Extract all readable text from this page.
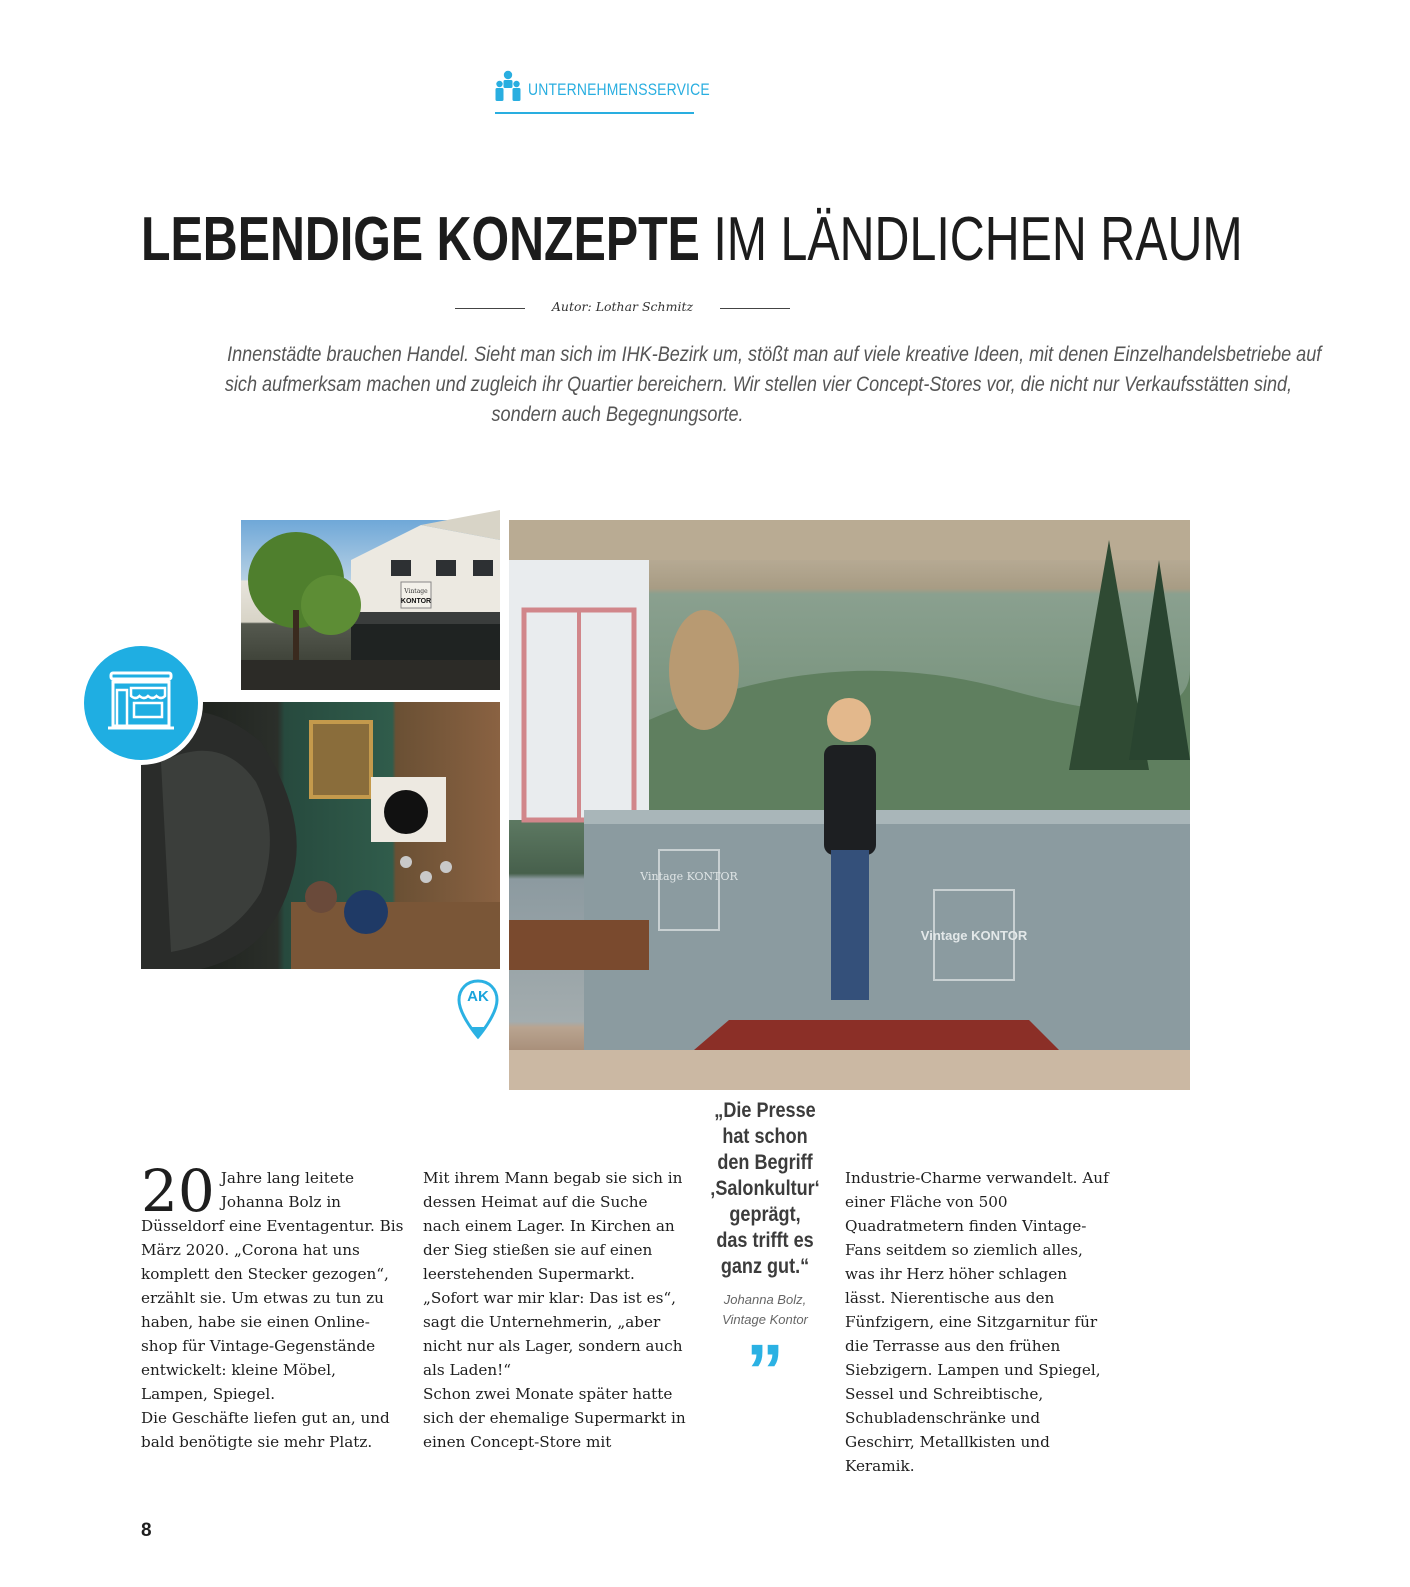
UNTERNEHMENSSERVICE
LEBENDIGE KONZEPTE IM LÄNDLICHEN RAUM
Autor: Lothar Schmitz
Innenstädte brauchen Handel. Sieht man sich im IHK-Bezirk um, stößt man auf viele kreative Ideen, mit denen Einzelhandelsbetriebe auf
sich aufmerksam machen und zugleich ihr Quartier bereichern. Wir stellen vier Concept-Stores vor, die nicht nur Verkaufsstätten sind,
sondern auch Begegnungsorte.
Vintage
KONTOR
Vintage KONTOR
Vintage KONTOR
AK
20 Jahre lang leitete Johanna Bolz in Düsseldorf eine Eventagentur. Bis März 2020. „Corona hat uns komplett den Stecker gezogen“, erzählt sie. Um etwas zu tun zu haben, habe sie einen Online-shop für Vintage-Gegenstände entwickelt: kleine Möbel, Lampen, Spiegel.

Die Geschäfte liefen gut an, und bald benötigte sie mehr Platz.

Mit ihrem Mann begab sie sich in dessen Heimat auf die Suche nach einem Lager. In Kirchen an der Sieg stießen sie auf einen leerstehenden Supermarkt. „Sofort war mir klar: Das ist es“, sagt die Unternehmerin, „aber nicht nur als Lager, sondern auch als Laden!“

Schon zwei Monate später hatte sich der ehemalige Supermarkt in einen Concept-Store mit

Industrie-Charme verwandelt. Auf einer Fläche von 500 Quadratmetern finden Vintage-Fans seitdem so ziemlich alles, was ihr Herz höher schlagen lässt. Nierentische aus den Fünfzigern, eine Sitzgarnitur für die Terrasse aus den frühen Siebzigern. Lampen und Spiegel, Sessel und Schreibtische, Schubladenschränke und Geschirr, Metallkisten und Keramik.

„Die Presse
hat schon
den Begriff
‚Salonkultur‘
geprägt,
das trifft es
ganz gut.“
Johanna Bolz,
Vintage Kontor
”
8
